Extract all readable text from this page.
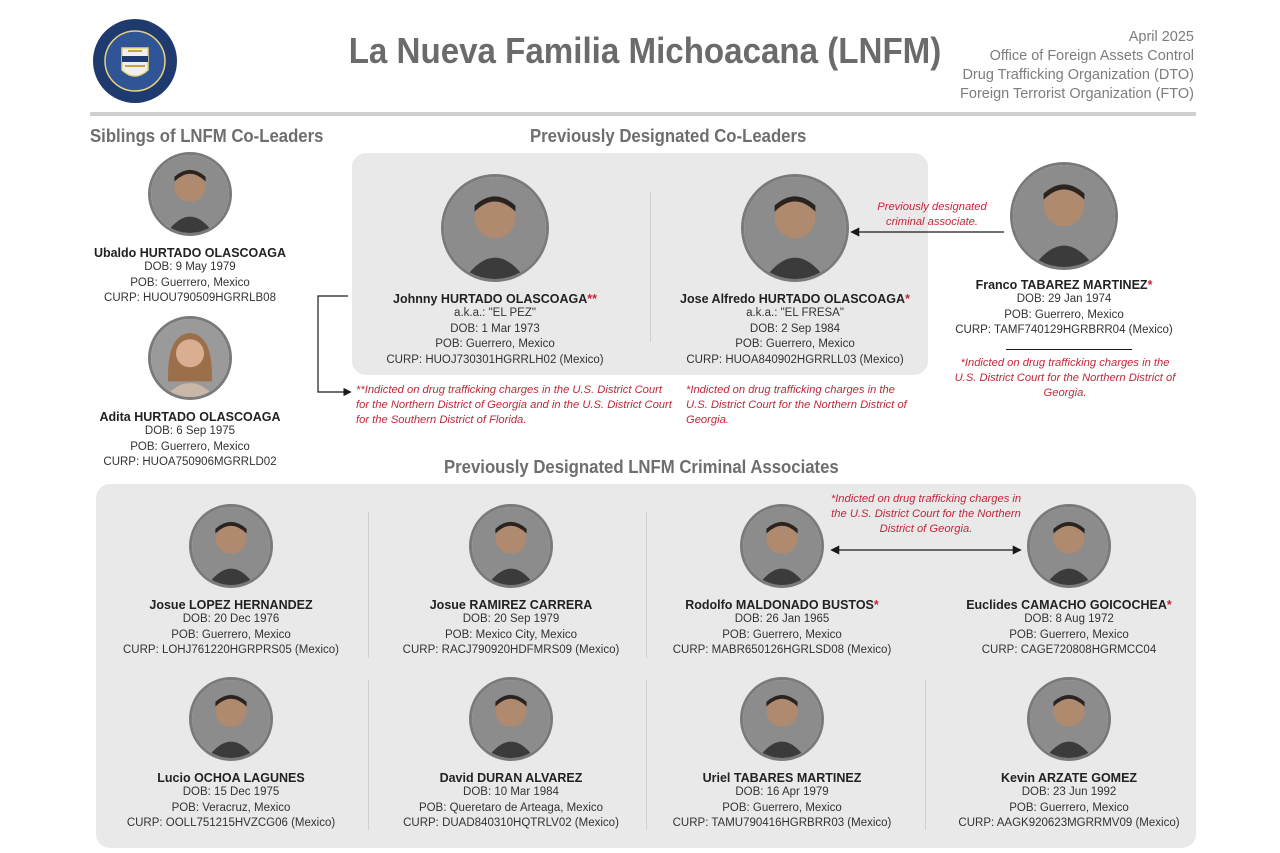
La Nueva Familia Michoacana (LNFM)	April 2025
Office of Foreign Assets Control
Drug Trafficking Organization (DTO)
Foreign Terrorist Organization (FTO)
Siblings of LNFM Co-Leaders	Previously Designated Co-Leaders
Ubaldo HURTADO OLASCOAGA
DOB: 9 May 1979
POB: Guerrero, Mexico
CURP: HUOU790509HGRRLB08
Adita HURTADO OLASCOAGA
DOB: 6 Sep 1975
POB: Guerrero, Mexico
CURP: HUOA750906MGRRLD02
Johnny HURTADO OLASCOAGA**
a.k.a.: "EL PEZ"
DOB: 1 Mar 1973
POB: Guerrero, Mexico
CURP: HUOJ730301HGRRLH02 (Mexico)
Jose Alfredo HURTADO OLASCOAGA*
a.k.a.: "EL FRESA"
DOB: 2 Sep 1984
POB: Guerrero, Mexico
CURP: HUOA840902HGRRLL03 (Mexico)
**Indicted on drug trafficking charges in the U.S. District Court for the Northern District of Georgia and in the U.S. District Court for the Southern District of Florida.
*Indicted on drug trafficking charges in the U.S. District Court for the Northern District of Georgia.
Previously designated criminal associate.
Franco TABAREZ MARTINEZ*
DOB: 29 Jan 1974
POB: Guerrero, Mexico
CURP: TAMF740129HGRBRR04 (Mexico)
*Indicted on drug trafficking charges in the U.S. District Court for the Northern District of Georgia.
Previously Designated LNFM Criminal Associates
*Indicted on drug trafficking charges in the U.S. District Court for the Northern District of Georgia.
Josue LOPEZ HERNANDEZ
DOB: 20 Dec 1976
POB: Guerrero, Mexico
CURP: LOHJ761220HGRPRS05 (Mexico)
Josue RAMIREZ CARRERA
DOB: 20 Sep 1979
POB: Mexico City, Mexico
CURP: RACJ790920HDFMRS09 (Mexico)
Rodolfo MALDONADO BUSTOS*
DOB: 26 Jan 1965
POB: Guerrero, Mexico
CURP: MABR650126HGRLSD08 (Mexico)
Euclides CAMACHO GOICOCHEA*
DOB: 8 Aug 1972
POB: Guerrero, Mexico
CURP: CAGE720808HGRMCC04
Lucio OCHOA LAGUNES
DOB: 15 Dec 1975
POB: Veracruz, Mexico
CURP: OOLL751215HVZCG06 (Mexico)
David DURAN ALVAREZ
DOB: 10 Mar 1984
POB: Queretaro de Arteaga, Mexico
CURP: DUAD840310HQTRLV02 (Mexico)
Uriel TABARES MARTINEZ
DOB: 16 Apr 1979
POB: Guerrero, Mexico
CURP: TAMU790416HGRBRR03 (Mexico)
Kevin ARZATE GOMEZ
DOB: 23 Jun 1992
POB: Guerrero, Mexico
CURP: AAGK920623MGRRMV09 (Mexico)
